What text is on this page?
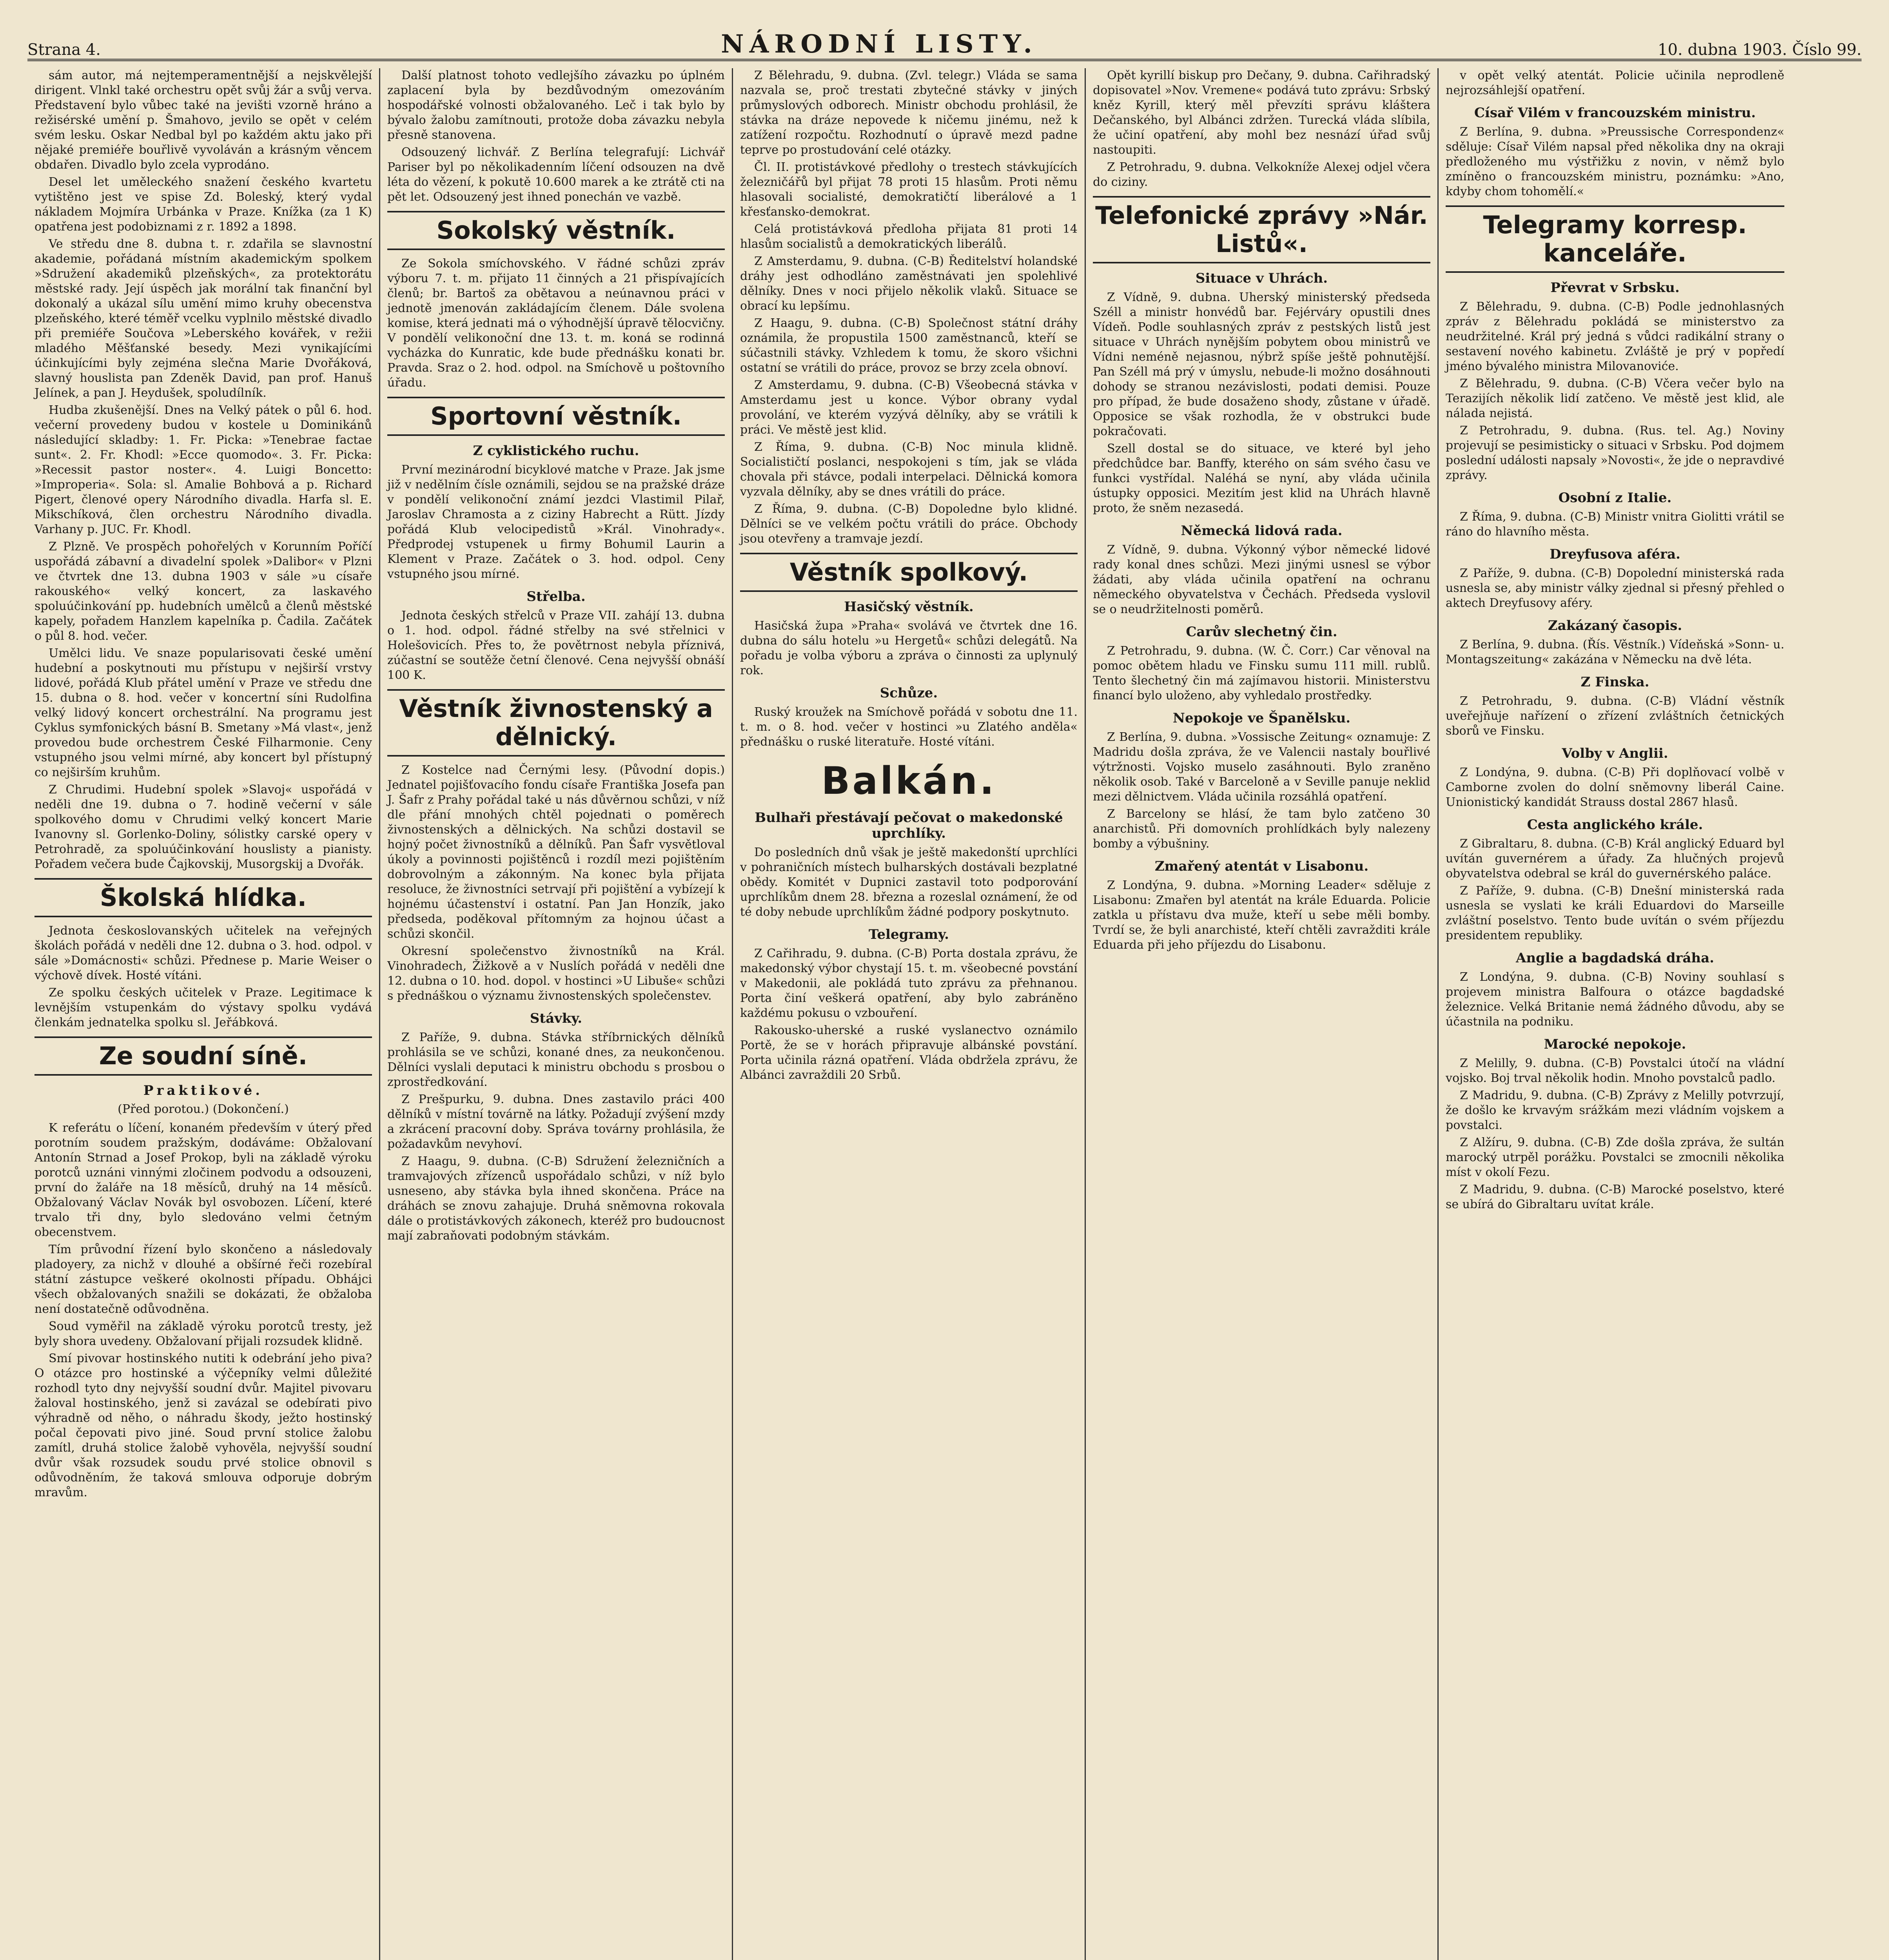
Strana 4.	NÁRODNÍ LISTY.	10. dubna 1903. Číslo 99.

sám autor, má nejtemperamentnější a nejskvělejší dirigent. Vlnkl také orchestru opět svůj žár a svůj verva. Představení bylo vůbec také na jevišti vzorně hráno a režisérské umění p. Šmahovo, jevilo se opět v celém svém lesku. Oskar Nedbal byl po každém aktu jako při nějaké premiéře bouřlivě vyvoláván a krásným věncem obdařen. Divadlo bylo zcela vyprodáno.

Desel let uměleckého snažení českého kvartetu vytištěno jest ve spise Zd. Boleský, který vydal nákladem Mojmíra Urbánka v Praze. Knížka (za 1 K) opatřena jest podobiznami z r. 1892 a 1898.

Ve středu dne 8. dubna t. r. zdařila se slavnostní akademie, pořádaná místním akademickým spolkem »Sdružení akademiků plzeňských«, za protektorátu městské rady. Její úspěch jak morální tak finanční byl dokonalý a ukázal sílu umění mimo kruhy obecenstva plzeňského, které téměř vcelku vyplnilo městské divadlo při premiéře Součova »Leberského kovářek, v režii mladého Měšťanské besedy. Mezi vynikajícími účinkujícími byly zejména slečna Marie Dvořáková, slavný houslista pan Zdeněk David, pan prof. Hanuš Jelínek, a pan J. Heydušek, spoludílník.

Hudba zkušenější. Dnes na Velký pátek o půl 6. hod. večerní provedeny budou v kostele u Dominikánů následující skladby: 1. Fr. Picka: »Tenebrae factae sunt«. 2. Fr. Khodl: »Ecce quomodo«. 3. Fr. Picka: »Recessit pastor noster«. 4. Luigi Boncetto: »Improperia«. Sola: sl. Amalie Bohbová a p. Richard Pigert, členové opery Národního divadla. Harfa sl. E. Mikschíková, člen orchestru Národního divadla. Varhany p. JUC. Fr. Khodl.

Z Plzně. Ve prospěch pohořelých v Korunním Poříčí uspořádá zábavní a divadelní spolek »Dalibor« v Plzni ve čtvrtek dne 13. dubna 1903 v sále »u císaře rakouského« velký koncert, za laskavého spoluúčinkování pp. hudebních umělců a členů městské kapely, pořadem Hanzlem kapelníka p. Čadila. Začátek o půl 8. hod. večer.

Umělci lidu. Ve snaze popularisovati české umění hudební a poskytnouti mu přístupu v nejširší vrstvy lidové, pořádá Klub přátel umění v Praze ve středu dne 15. dubna o 8. hod. večer v koncertní síni Rudolfina velký lidový koncert orchestrální. Na programu jest Cyklus symfonických básní B. Smetany »Má vlast«, jenž provedou bude orchestrem České Filharmonie. Ceny vstupného jsou velmi mírné, aby koncert byl přístupný co nejširším kruhům.

Z Chrudimi. Hudební spolek »Slavoj« uspořádá v neděli dne 19. dubna o 7. hodině večerní v sále spolkového domu v Chrudimi velký koncert Marie Ivanovny sl. Gorlenko-Doliny, sólistky carské opery v Petrohradě, za spoluúčinkování houslisty a pianisty. Pořadem večera bude Čajkovskij, Musorgskij a Dvořák.

Školská hlídka.

Jednota českoslovanských učitelek na veřejných školách pořádá v neděli dne 12. dubna o 3. hod. odpol. v sále »Domácnosti« schůzi. Přednese p. Marie Weiser o výchově dívek. Hosté vítáni.

Ze spolku českých učitelek v Praze. Legitimace k levnějším vstupenkám do výstavy spolku vydává členkám jednatelka spolku sl. Jeřábková.

Ze soudní síně.
Praktikové.
(Před porotou.) (Dokončení.)

K referátu o líčení, konaném především v úterý před porotním soudem pražským, dodáváme: Obžalovaní Antonín Strnad a Josef Prokop, byli na základě výroku porotců uznáni vinnými zločinem podvodu a odsouzeni, první do žaláře na 18 měsíců, druhý na 14 měsíců. Obžalovaný Václav Novák byl osvobozen. Líčení, které trvalo tři dny, bylo sledováno velmi četným obecenstvem.

Tím průvodní řízení bylo skončeno a následovaly pladoyery, za nichž v dlouhé a obšírné řeči rozebíral státní zástupce veškeré okolnosti případu. Obhájci všech obžalovaných snažili se dokázati, že obžaloba není dostatečně odůvodněna.

Soud vyměřil na základě výroku porotců tresty, jež byly shora uvedeny. Obžalovaní přijali rozsudek klidně.

Smí pivovar hostinského nutiti k odebrání jeho piva? O otázce pro hostinské a výčepníky velmi důležité rozhodl tyto dny nejvyšší soudní dvůr. Majitel pivovaru žaloval hostinského, jenž si zavázal se odebírati pivo výhradně od něho, o náhradu škody, ježto hostinský počal čepovati pivo jiné. Soud první stolice žalobu zamítl, druhá stolice žalobě vyhověla, nejvyšší soudní dvůr však rozsudek soudu prvé stolice obnovil s odůvodněním, že taková smlouva odporuje dobrým mravům.

Další platnost tohoto vedlejšího závazku po úplném zaplacení byla by bezdůvodným omezováním hospodářské volnosti obžalovaného. Leč i tak bylo by bývalo žalobu zamítnouti, protože doba závazku nebyla přesně stanovena.

Odsouzený lichvář. Z Berlína telegrafují: Lichvář Pariser byl po několikadenním líčení odsouzen na dvě léta do vězení, k pokutě 10.600 marek a ke ztrátě cti na pět let. Odsouzený jest ihned ponechán ve vazbě.

Sokolský věstník.

Ze Sokola smíchovského. V řádné schůzi zpráv výboru 7. t. m. přijato 11 činných a 21 přispívajících členů; br. Bartoš za obětavou a neúnavnou práci v jednotě jmenován zakládajícím členem. Dále svolena komise, která jednati má o výhodnější úpravě tělocvičny. V pondělí velikonoční dne 13. t. m. koná se rodinná vycházka do Kunratic, kde bude přednášku konati br. Pravda. Sraz o 2. hod. odpol. na Smíchově u poštovního úřadu.

Sportovní věstník.
Z cyklistického ruchu.

První mezinárodní bicyklové matche v Praze. Jak jsme již v nedělním čísle oznámili, sejdou se na pražské dráze v pondělí velikonoční známí jezdci Vlastimil Pilař, Jaroslav Chramosta a z ciziny Habrecht a Rütt. Jízdy pořádá Klub velocipedistů »Král. Vinohrady«. Předprodej vstupenek u firmy Bohumil Laurin a Klement v Praze. Začátek o 3. hod. odpol. Ceny vstupného jsou mírné.

Střelba.

Jednota českých střelců v Praze VII. zahájí 13. dubna o 1. hod. odpol. řádné střelby na své střelnici v Holešovicích. Přes to, že povětrnost nebyla příznivá, zúčastní se soutěže četní členové. Cena nejvyšší obnáší 100 K.

Věstník živnostenský a dělnický.

Z Kostelce nad Černými lesy. (Původní dopis.) Jednatel pojišťovacího fondu císaře Františka Josefa pan J. Šafr z Prahy pořádal také u nás důvěrnou schůzi, v níž dle přání mnohých chtěl pojednati o poměrech živnostenských a dělnických. Na schůzi dostavil se hojný počet živnostníků a dělníků. Pan Šafr vysvětloval úkoly a povinnosti pojištěnců i rozdíl mezi pojištěním dobrovolným a zákonným. Na konec byla přijata resoluce, že živnostníci setrvají při pojištění a vybízejí k hojnému účastenství i ostatní. Pan Jan Honzík, jako předseda, poděkoval přítomným za hojnou účast a schůzi skončil.

Okresní společenstvo živnostníků na Král. Vinohradech, Žižkově a v Nuslích pořádá v neděli dne 12. dubna o 10. hod. dopol. v hostinci »U Libuše« schůzi s přednáškou o významu živnostenských společenstev.

Stávky.

Z Paříže, 9. dubna. Stávka stříbrnických dělníků prohlásila se ve schůzi, konané dnes, za neukončenou. Dělníci vyslali deputaci k ministru obchodu s prosbou o zprostředkování.

Z Prešpurku, 9. dubna. Dnes zastavilo práci 400 dělníků v místní továrně na látky. Požadují zvýšení mzdy a zkrácení pracovní doby. Správa továrny prohlásila, že požadavkům nevyhoví.

Z Haagu, 9. dubna. (C-B) Sdružení železničních a tramvajových zřízenců uspořádalo schůzi, v níž bylo usneseno, aby stávka byla ihned skončena. Práce na dráhách se znovu zahajuje. Druhá sněmovna rokovala dále o protistávkových zákonech, kteréž pro budoucnost mají zabraňovati podobným stávkám.

Z Bělehradu, 9. dubna. (Zvl. telegr.) Vláda se sama nazvala se, proč trestati zbytečné stávky v jiných průmyslových odborech. Ministr obchodu prohlásil, že stávka na dráze nepovede k ničemu jinému, než k zatížení rozpočtu. Rozhodnutí o úpravě mezd padne teprve po prostudování celé otázky.

Čl. II. protistávkové předlohy o trestech stávkujících železničářů byl přijat 78 proti 15 hlasům. Proti němu hlasovali socialisté, demokratičtí liberálové a 1 křesťansko-demokrat.

Celá protistávková předloha přijata 81 proti 14 hlasům socialistů a demokratických liberálů.

Z Amsterdamu, 9. dubna. (C-B) Ředitelství holandské dráhy jest odhodláno zaměstnávati jen spolehlivé dělníky. Dnes v noci přijelo několik vlaků. Situace se obrací ku lepšímu.

Z Haagu, 9. dubna. (C-B) Společnost státní dráhy oznámila, že propustila 1500 zaměstnanců, kteří se súčastnili stávky. Vzhledem k tomu, že skoro všichni ostatní se vrátili do práce, provoz se brzy zcela obnoví.

Z Amsterdamu, 9. dubna. (C-B) Všeobecná stávka v Amsterdamu jest u konce. Výbor obrany vydal provolání, ve kterém vyzývá dělníky, aby se vrátili k práci. Ve městě jest klid.

Z Říma, 9. dubna. (C-B) Noc minula klidně. Socialističtí poslanci, nespokojeni s tím, jak se vláda chovala při stávce, podali interpelaci. Dělnická komora vyzvala dělníky, aby se dnes vrátili do práce.

Z Říma, 9. dubna. (C-B) Dopoledne bylo klidné. Dělníci se ve velkém počtu vrátili do práce. Obchody jsou otevřeny a tramvaje jezdí.

Věstník spolkový.
Hasičský věstník.

Hasičská župa »Praha« svolává ve čtvrtek dne 16. dubna do sálu hotelu »u Hergetů« schůzi delegátů. Na pořadu je volba výboru a zpráva o činnosti za uplynulý rok.

Schůze.

Ruský kroužek na Smíchově pořádá v sobotu dne 11. t. m. o 8. hod. večer v hostinci »u Zlatého anděla« přednášku o ruské literatuře. Hosté vítáni.

Balkán.
Bulhaři přestávají pečovat o makedonské uprchlíky.

Do posledních dnů však je ještě makedonští uprchlíci v pohraničních místech bulharských dostávali bezplatné obědy. Komitét v Dupnici zastavil toto podporování uprchlíkům dnem 28. března a rozeslal oznámení, že od té doby nebude uprchlíkům žádné podpory poskytnuto.

Telegramy.

Z Cařihradu, 9. dubna. (C-B) Porta dostala zprávu, že makedonský výbor chystají 15. t. m. všeobecné povstání v Makedonii, ale pokládá tuto zprávu za přehnanou. Porta činí veškerá opatření, aby bylo zabráněno každému pokusu o vzbouření.

Rakousko-uherské a ruské vyslanectvo oznámilo Portě, že se v horách připravuje albánské povstání. Porta učinila rázná opatření. Vláda obdržela zprávu, že Albánci zavraždili 20 Srbů.

Opět kyrillí biskup pro Dečany, 9. dubna. Cařihradský dopisovatel »Nov. Vremene« podává tuto zprávu: Srbský kněz Kyrill, který měl převzíti správu kláštera Dečanského, byl Albánci zdržen. Turecká vláda slíbila, že učiní opatření, aby mohl bez nesnází úřad svůj nastoupiti.

Z Petrohradu, 9. dubna. Velkokníže Alexej odjel včera do ciziny.

Telefonické zprávy »Nár. Listů«.
Situace v Uhrách.

Z Vídně, 9. dubna. Uherský ministerský předseda Széll a ministr honvédů bar. Fejérváry opustili dnes Vídeň. Podle souhlasných zpráv z pestských listů jest situace v Uhrách nynějším pobytem obou ministrů ve Vídni neméně nejasnou, nýbrž spíše ještě pohnutější. Pan Széll má prý v úmyslu, nebude-li možno dosáhnouti dohody se stranou nezávislosti, podati demisi. Pouze pro případ, že bude dosaženo shody, zůstane v úřadě. Opposice se však rozhodla, že v obstrukci bude pokračovati.

Szell dostal se do situace, ve které byl jeho předchůdce bar. Banffy, kterého on sám svého času ve funkci vystřídal. Naléhá se nyní, aby vláda učinila ústupky opposici. Mezitím jest klid na Uhrách hlavně proto, že sněm nezasedá.

Německá lidová rada.

Z Vídně, 9. dubna. Výkonný výbor německé lidové rady konal dnes schůzi. Mezi jinými usnesl se výbor žádati, aby vláda učinila opatření na ochranu německého obyvatelstva v Čechách. Předseda vyslovil se o neudržitelnosti poměrů.

Carův slechetný čin.

Z Petrohradu, 9. dubna. (W. Č. Corr.) Car věnoval na pomoc obětem hladu ve Finsku sumu 111 mill. rublů. Tento šlechetný čin má zajímavou historii. Ministerstvu financí bylo uloženo, aby vyhledalo prostředky.

Nepokoje ve Španělsku.

Z Berlína, 9. dubna. »Vossische Zeitung« oznamuje: Z Madridu došla zpráva, že ve Valencii nastaly bouřlivé výtržnosti. Vojsko muselo zasáhnouti. Bylo zraněno několik osob. Také v Barceloně a v Seville panuje neklid mezi dělnictvem. Vláda učinila rozsáhlá opatření.

Z Barcelony se hlásí, že tam bylo zatčeno 30 anarchistů. Při domovních prohlídkách byly nalezeny bomby a výbušniny.

Zmařený atentát v Lisabonu.

Z Londýna, 9. dubna. »Morning Leader« sděluje z Lisabonu: Zmařen byl atentát na krále Eduarda. Policie zatkla u přístavu dva muže, kteří u sebe měli bomby. Tvrdí se, že byli anarchisté, kteří chtěli zavražditi krále Eduarda při jeho příjezdu do Lisabonu.

v opět velký atentát. Policie učinila neprodleně nejrozsáhlejší opatření.

Císař Vilém v francouzském ministru.

Z Berlína, 9. dubna. »Preussische Correspondenz« sděluje: Císař Vilém napsal před několika dny na okraji předloženého mu výstřižku z novin, v němž bylo zmíněno o francouzském ministru, poznámku: »Ano, kdyby chom tohomělí.«

Telegramy korresp. kanceláře.
Převrat v Srbsku.

Z Bělehradu, 9. dubna. (C-B) Podle jednohlasných zpráv z Bělehradu pokládá se ministerstvo za neudržitelné. Král prý jedná s vůdci radikální strany o sestavení nového kabinetu. Zvláště je prý v popředí jméno bývalého ministra Milovanoviće.

Z Bělehradu, 9. dubna. (C-B) Včera večer bylo na Terazijích několik lidí zatčeno. Ve městě jest klid, ale nálada nejistá.

Z Petrohradu, 9. dubna. (Rus. tel. Ag.) Noviny projevují se pesimisticky o situaci v Srbsku. Pod dojmem poslední události napsaly »Novosti«, že jde o nepravdivé zprávy.

Osobní z Italie.

Z Říma, 9. dubna. (C-B) Ministr vnitra Giolitti vrátil se ráno do hlavního města.

Dreyfusova aféra.

Z Paříže, 9. dubna. (C-B) Dopolední ministerská rada usnesla se, aby ministr války zjednal si přesný přehled o aktech Dreyfusovy aféry.

Zakázaný časopis.

Z Berlína, 9. dubna. (Řís. Věstník.) Vídeňská »Sonn- u. Montagszeitung« zakázána v Německu na dvě léta.

Z Finska.

Z Petrohradu, 9. dubna. (C-B) Vládní věstník uveřejňuje nařízení o zřízení zvláštních četnických sborů ve Finsku.

Volby v Anglii.

Z Londýna, 9. dubna. (C-B) Při doplňovací volbě v Camborne zvolen do dolní sněmovny liberál Caine. Unionistický kandidát Strauss dostal 2867 hlasů.

Cesta anglického krále.

Z Gibraltaru, 8. dubna. (C-B) Král anglický Eduard byl uvítán guvernérem a úřady. Za hlučných projevů obyvatelstva odebral se král do guvernérského paláce.

Z Paříže, 9. dubna. (C-B) Dnešní ministerská rada usnesla se vyslati ke králi Eduardovi do Marseille zvláštní poselstvo. Tento bude uvítán o svém příjezdu presidentem republiky.

Anglie a bagdadská dráha.

Z Londýna, 9. dubna. (C-B) Noviny souhlasí s projevem ministra Balfoura o otázce bagdadské železnice. Velká Britanie nemá žádného důvodu, aby se účastnila na podniku.

Marocké nepokoje.

Z Melilly, 9. dubna. (C-B) Povstalci útočí na vládní vojsko. Boj trval několik hodin. Mnoho povstalců padlo.

Z Madridu, 9. dubna. (C-B) Zprávy z Melilly potvrzují, že došlo ke krvavým srážkám mezi vládním vojskem a povstalci.

Z Alžíru, 9. dubna. (C-B) Zde došla zpráva, že sultán marocký utrpěl porážku. Povstalci se zmocnili několika míst v okolí Fezu.

Z Madridu, 9. dubna. (C-B) Marocké poselstvo, které se ubírá do Gibraltaru uvítat krále.
